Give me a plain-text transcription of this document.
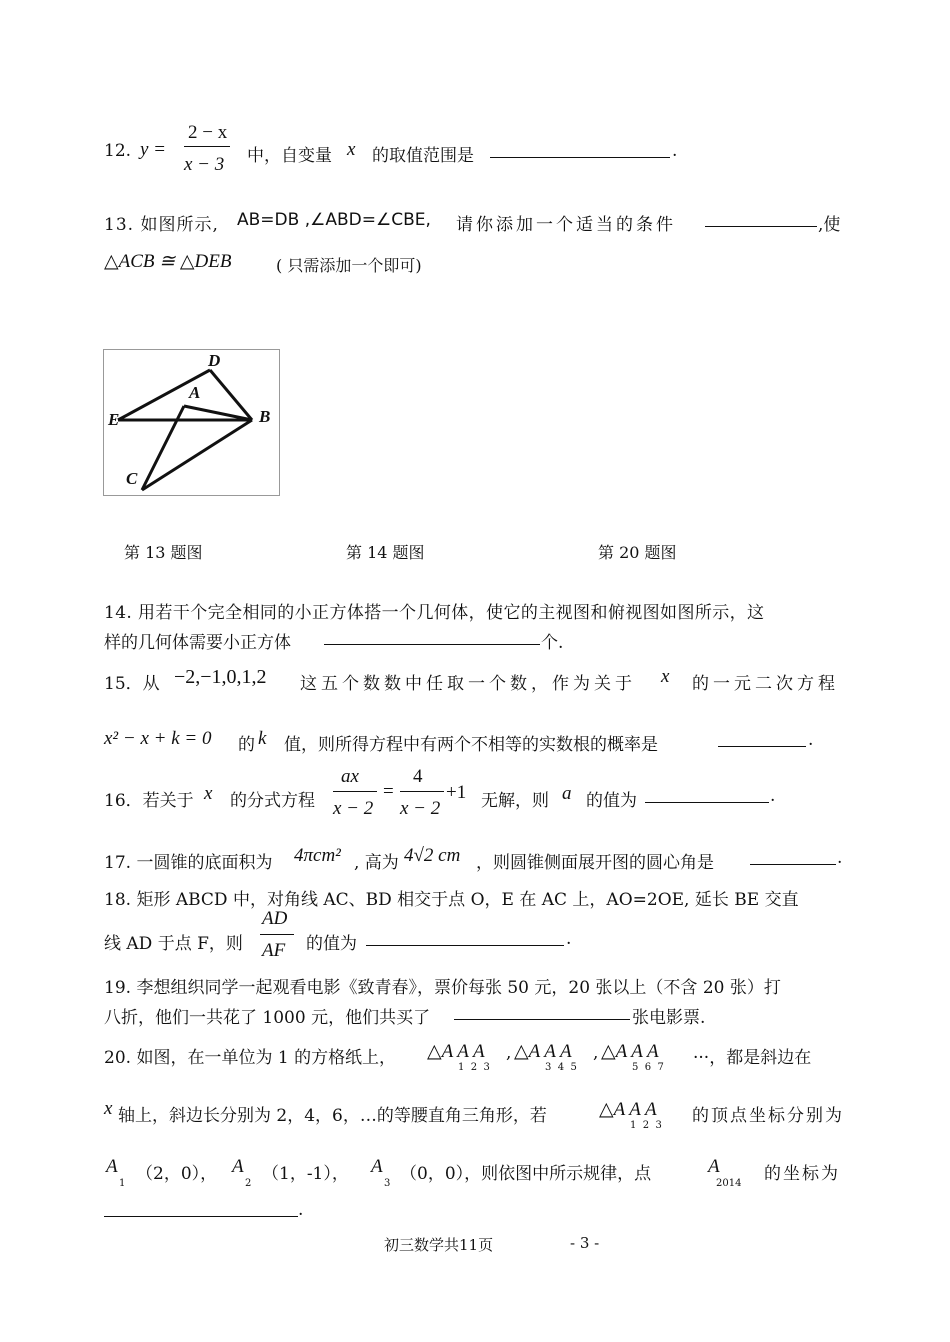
12. y =
2 − x
x − 3 中，自变量 x 的取值范围是	.
13. 如图所示, AB=DB ,∠ABD=∠CBE, 请你添加一个适当的条件	,使
△ACB ≅ △DEB	( 只需添加一个即可)
D
A
E	B
C
第 13 题图	第 14 题图	第 20 题图
14. 用若干个完全相同的小正方体搭一个几何体，使它的主视图和俯视图如图所示，这
样的几何体需要小正方体	个.
15．从 −2,−1,0,1,2 这五个数数中任取一个数，作为关于 x 的一元二次方程
x² − x + k = 0 的 k 值，则所得方程中有两个不相等的实数根的概率是	.
16．若关于 x 的分式方程
ax
x − 2
=
4
x − 2
+1 无解，则 a 的值为	.
17. 一圆锥的底面积为 4πcm² , 高为 4√2 cm ，则圆锥侧面展开图的圆心角是	.
18. 矩形 ABCD 中，对角线 AC、BD 相交于点 O，E 在 AC 上，AO=2OE, 延长 BE 交直
线 AD 于点 F，则
AD
AF 的值为	.
19. 李想组织同学一起观看电影《致青春》，票价每张 50 元，20 张以上（不含 20 张）打
八折，他们一共花了 1000 元，他们共买了	张电影票.
20. 如图，在一单位为 1 的方格纸上， △A A A
1  2  3
, △A A A
3  4  5
, △A A A
5  6  7 ···，都是斜边在
x 轴上，斜边长分别为 2，4，6，…的等腰直角三角形，若	△A A A
1  2  3 的顶点坐标分别为
A
1 （2，0）， A
2 （1，-1）， A
3 （0，0），则依图中所示规律，点	A
2014 的坐标为
.
初三数学共11页	- 3 -
